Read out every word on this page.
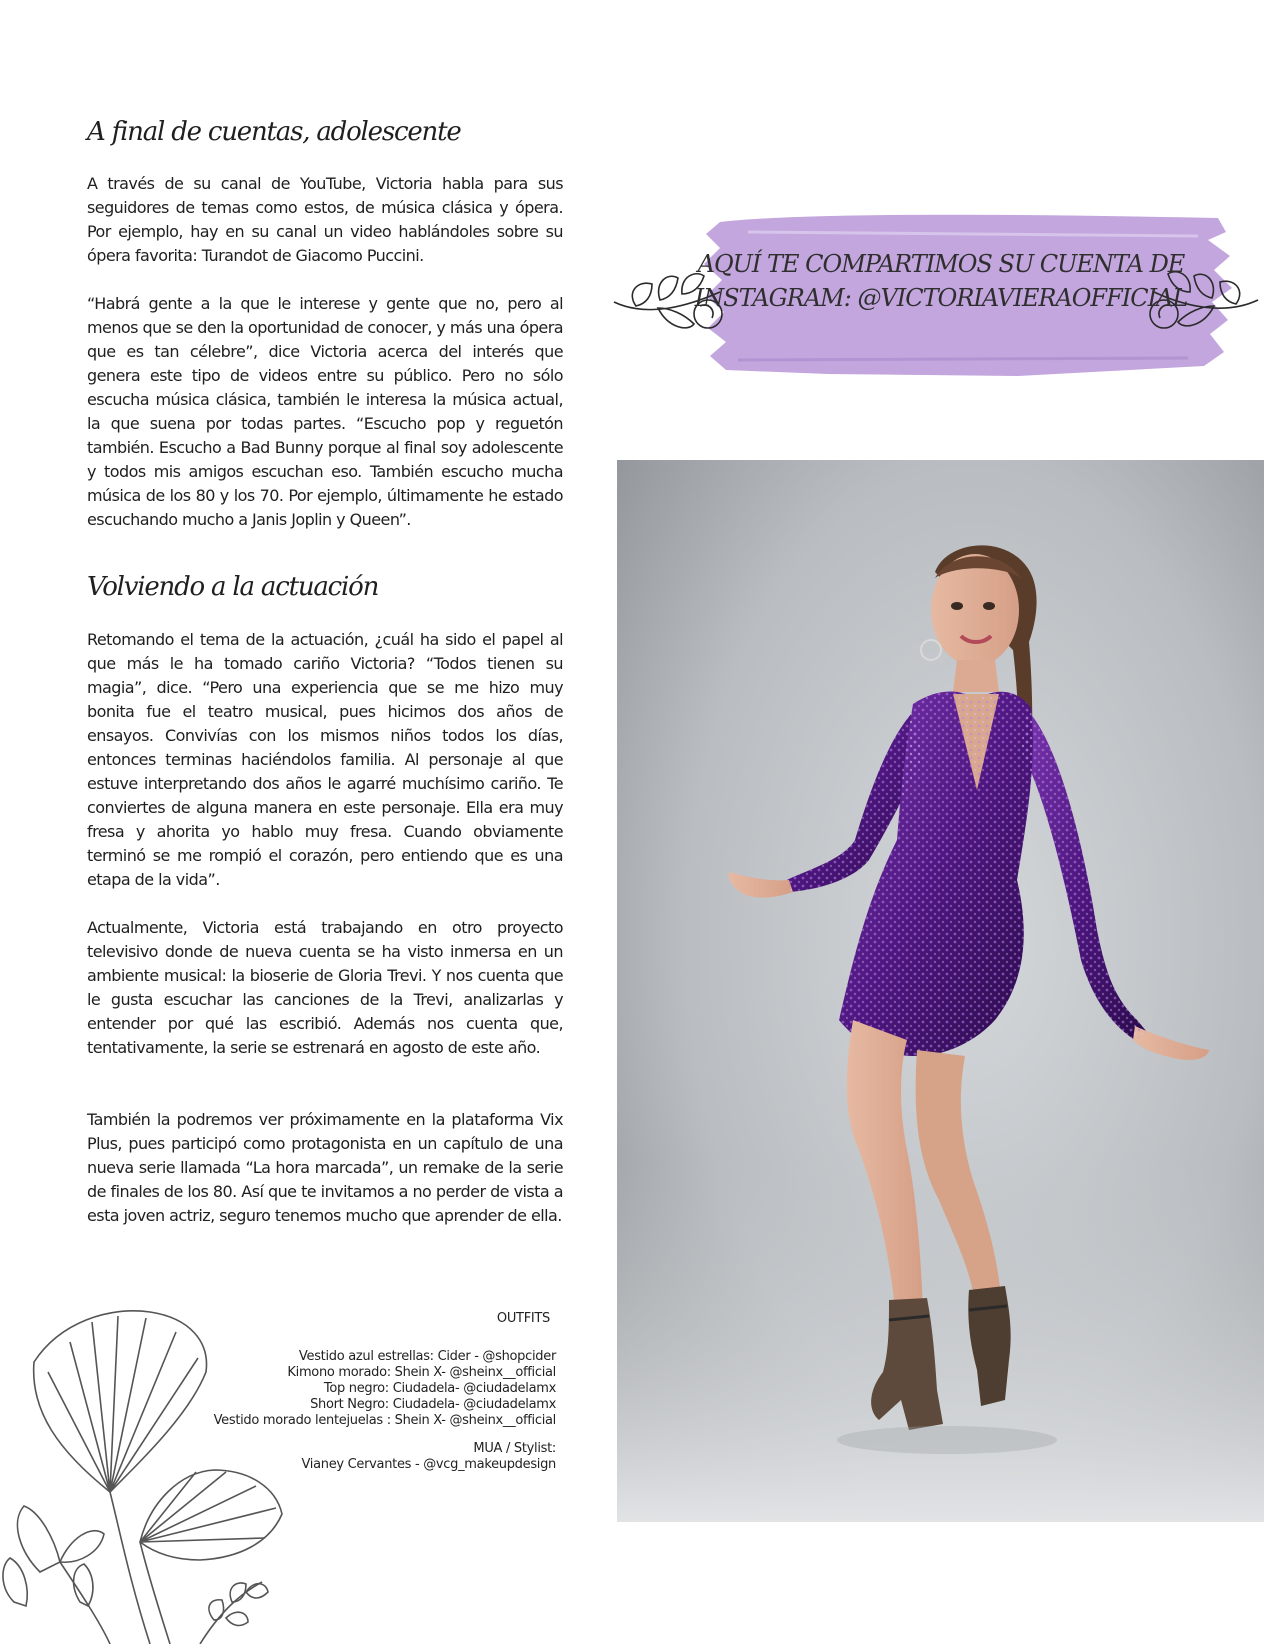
A final de cuentas, adolescente

A través de su canal de YouTube, Victoria habla para sus seguidores de temas como estos, de música clásica y ópera. Por ejemplo, hay en su canal un video hablándoles sobre su ópera favorita: Turandot de Giacomo Puccini.

“Habrá gente a la que le interese y gente que no, pero al menos que se den la oportunidad de conocer, y más una ópera que es tan célebre”, dice Victoria acerca del interés que genera este tipo de videos entre su público. Pero no sólo escucha música clásica, también le interesa la música actual, la que suena por todas partes. “Escucho pop y reguetón también. Escucho a Bad Bunny porque al final soy adolescente y todos mis amigos escuchan eso. También escucho mucha música de los 80 y los 70. Por ejemplo, últimamente he estado escuchando mucho a Janis Joplin y Queen”.

Volviendo a la actuación

Retomando el tema de la actuación, ¿cuál ha sido el papel al que más le ha tomado cariño Victoria? “Todos tienen su magia”, dice. “Pero una experiencia que se me hizo muy bonita fue el teatro musical, pues hicimos dos años de ensayos. Convivías con los mismos niños todos los días, entonces terminas haciéndolos familia. Al personaje al que estuve interpretando dos años le agarré muchísimo cariño. Te conviertes de alguna manera en este personaje. Ella era muy fresa y ahorita yo hablo muy fresa. Cuando obviamente terminó se me rompió el corazón, pero entiendo que es una etapa de la vida”.

Actualmente, Victoria está trabajando en otro proyecto televisivo donde de nueva cuenta se ha visto inmersa en un ambiente musical: la bioserie de Gloria Trevi. Y nos cuenta que le gusta escuchar las canciones de la Trevi, analizarlas y entender por qué las escribió. Además nos cuenta que, tentativamente, la serie se estrenará en agosto de este año.

También la podremos ver próximamente en la plataforma Vix Plus, pues participó como protagonista en un capítulo de una nueva serie llamada “La hora marcada”, un remake de la serie de finales de los 80. Así que te invitamos a no perder de vista a esta joven actriz, seguro tenemos mucho que aprender de ella.

AQUÍ TE COMPARTIMOS SU CUENTA DE INSTAGRAM: @VICTORIAVIERAOFFICIAL

OUTFITS
Vestido azul estrellas: Cider - @shopcider
Kimono morado: Shein X- @sheinx__official
Top negro: Ciudadela- @ciudadelamx
Short Negro: Ciudadela- @ciudadelamx
Vestido morado lentejuelas : Shein X- @sheinx__official
MUA / Stylist:
Vianey Cervantes - @vcg_makeupdesign
